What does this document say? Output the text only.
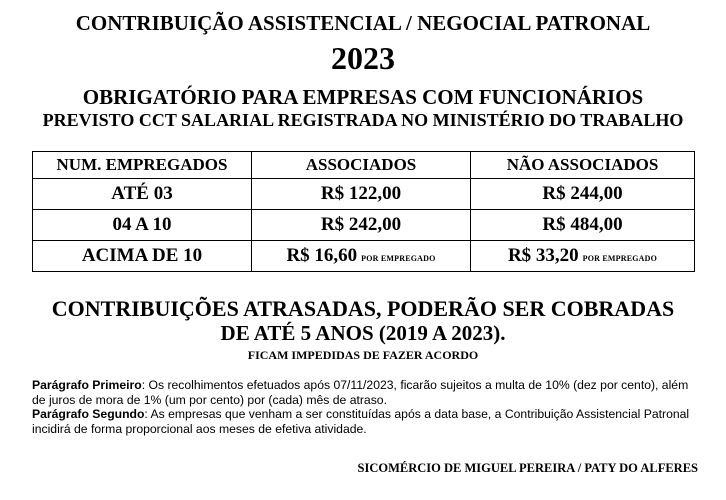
CONTRIBUIÇÃO ASSISTENCIAL / NEGOCIAL PATRONAL
2023
OBRIGATÓRIO PARA EMPRESAS COM FUNCIONÁRIOS
PREVISTO CCT SALARIAL REGISTRADA NO MINISTÉRIO DO TRABALHO
NUM. EMPREGADOS	ASSOCIADOS	NÃO ASSOCIADOS
ATÉ 03	R$ 122,00	R$ 244,00
04 A 10	R$ 242,00	R$ 484,00
ACIMA DE 10	R$ 16,60 POR EMPREGADO	R$ 33,20 POR EMPREGADO
CONTRIBUIÇÕES ATRASADAS, PODERÃO SER COBRADAS
DE ATÉ 5 ANOS (2019 A 2023).
FICAM IMPEDIDAS DE FAZER ACORDO

Parágrafo Primeiro: Os recolhimentos efetuados após 07/11/2023, ficarão sujeitos a multa de 10% (dez por cento), além de juros de mora de 1% (um por cento) por (cada) mês de atraso.

Parágrafo Segundo: As empresas que venham a ser constituídas após a data base, a Contribuição Assistencial Patronal incidirá de forma proporcional aos meses de efetiva atividade.

SICOMÉRCIO DE MIGUEL PEREIRA / PATY DO ALFERES
